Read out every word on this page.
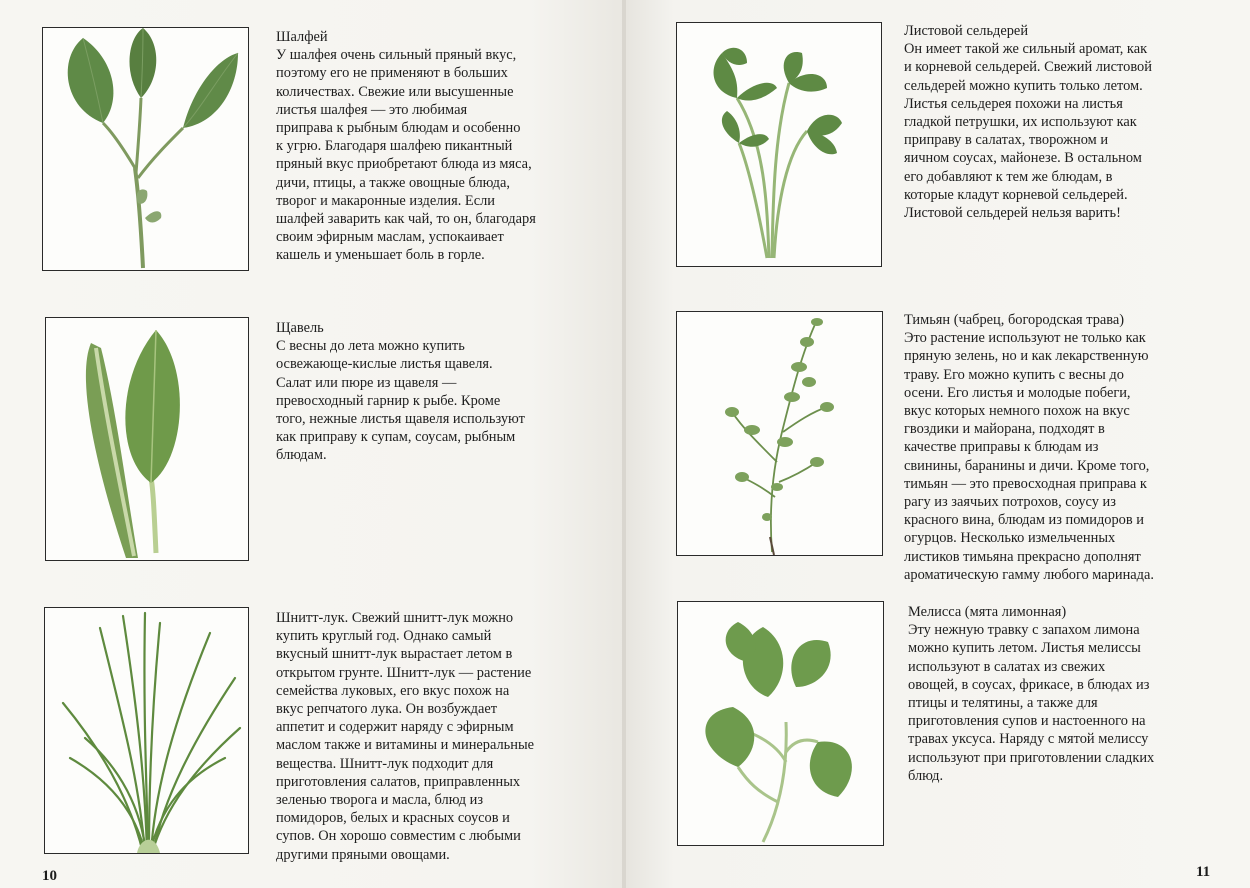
Шалфей

У шалфея очень сильный пряный вкус,

поэтому его не применяют в больших

количествах. Свежие или высушенные

листья шалфея — это любимая

приправа к рыбным блюдам и особенно

к угрю. Благодаря шалфею пикантный

пряный вкус приобретают блюда из мяса,

дичи, птицы, а также овощные блюда,

творог и макаронные изделия. Если

шалфей заварить как чай, то он, благодаря

своим эфирным маслам, успокаивает

кашель и уменьшает боль в горле.

Щавель

С весны до лета можно купить

освежающе-кислые листья щавеля.

Салат или пюре из щавеля —

превосходный гарнир к рыбе. Кроме

того, нежные листья щавеля используют

как приправу к супам, соусам, рыбным

блюдам.

Шнитт-лук. Свежий шнитт-лук можно

купить круглый год. Однако самый

вкусный шнитт-лук вырастает летом в

открытом грунте. Шнитт-лук — растение

семейства луковых, его вкус похож на

вкус репчатого лука. Он возбуждает

аппетит и содержит наряду с эфирным

маслом также и витамины и минеральные

вещества. Шнитт-лук подходит для

приготовления салатов, приправленных

зеленью творога и масла, блюд из

помидоров, белых и красных соусов и

супов. Он хорошо совместим с любыми

другими пряными овощами.

10

Листовой сельдерей

Он имеет такой же сильный аромат, как

и корневой сельдерей. Свежий листовой

сельдерей можно купить только летом.

Листья сельдерея похожи на листья

гладкой петрушки, их используют как

приправу в салатах, творожном и

яичном соусах, майонезе. В остальном

его добавляют к тем же блюдам, в

которые кладут корневой сельдерей.

Листовой сельдерей нельзя варить!

Тимьян (чабрец, богородская трава)

Это растение используют не только как

пряную зелень, но и как лекарственную

траву. Его можно купить с весны до

осени. Его листья и молодые побеги,

вкус которых немного похож на вкус

гвоздики и майорана, подходят в

качестве приправы к блюдам из

свинины, баранины и дичи. Кроме того,

тимьян — это превосходная приправа к

рагу из заячьих потрохов, соусу из

красного вина, блюдам из помидоров и

огурцов. Несколько измельченных

листиков тимьяна прекрасно дополнят

ароматическую гамму любого маринада.

Мелисса (мята лимонная)

Эту нежную травку с запахом лимона

можно купить летом. Листья мелиссы

используют в салатах из свежих

овощей, в соусах, фрикасе, в блюдах из

птицы и телятины, а также для

приготовления супов и настоенного на

травах уксуса. Наряду с мятой мелиссу

используют при приготовлении сладких

блюд.

11
